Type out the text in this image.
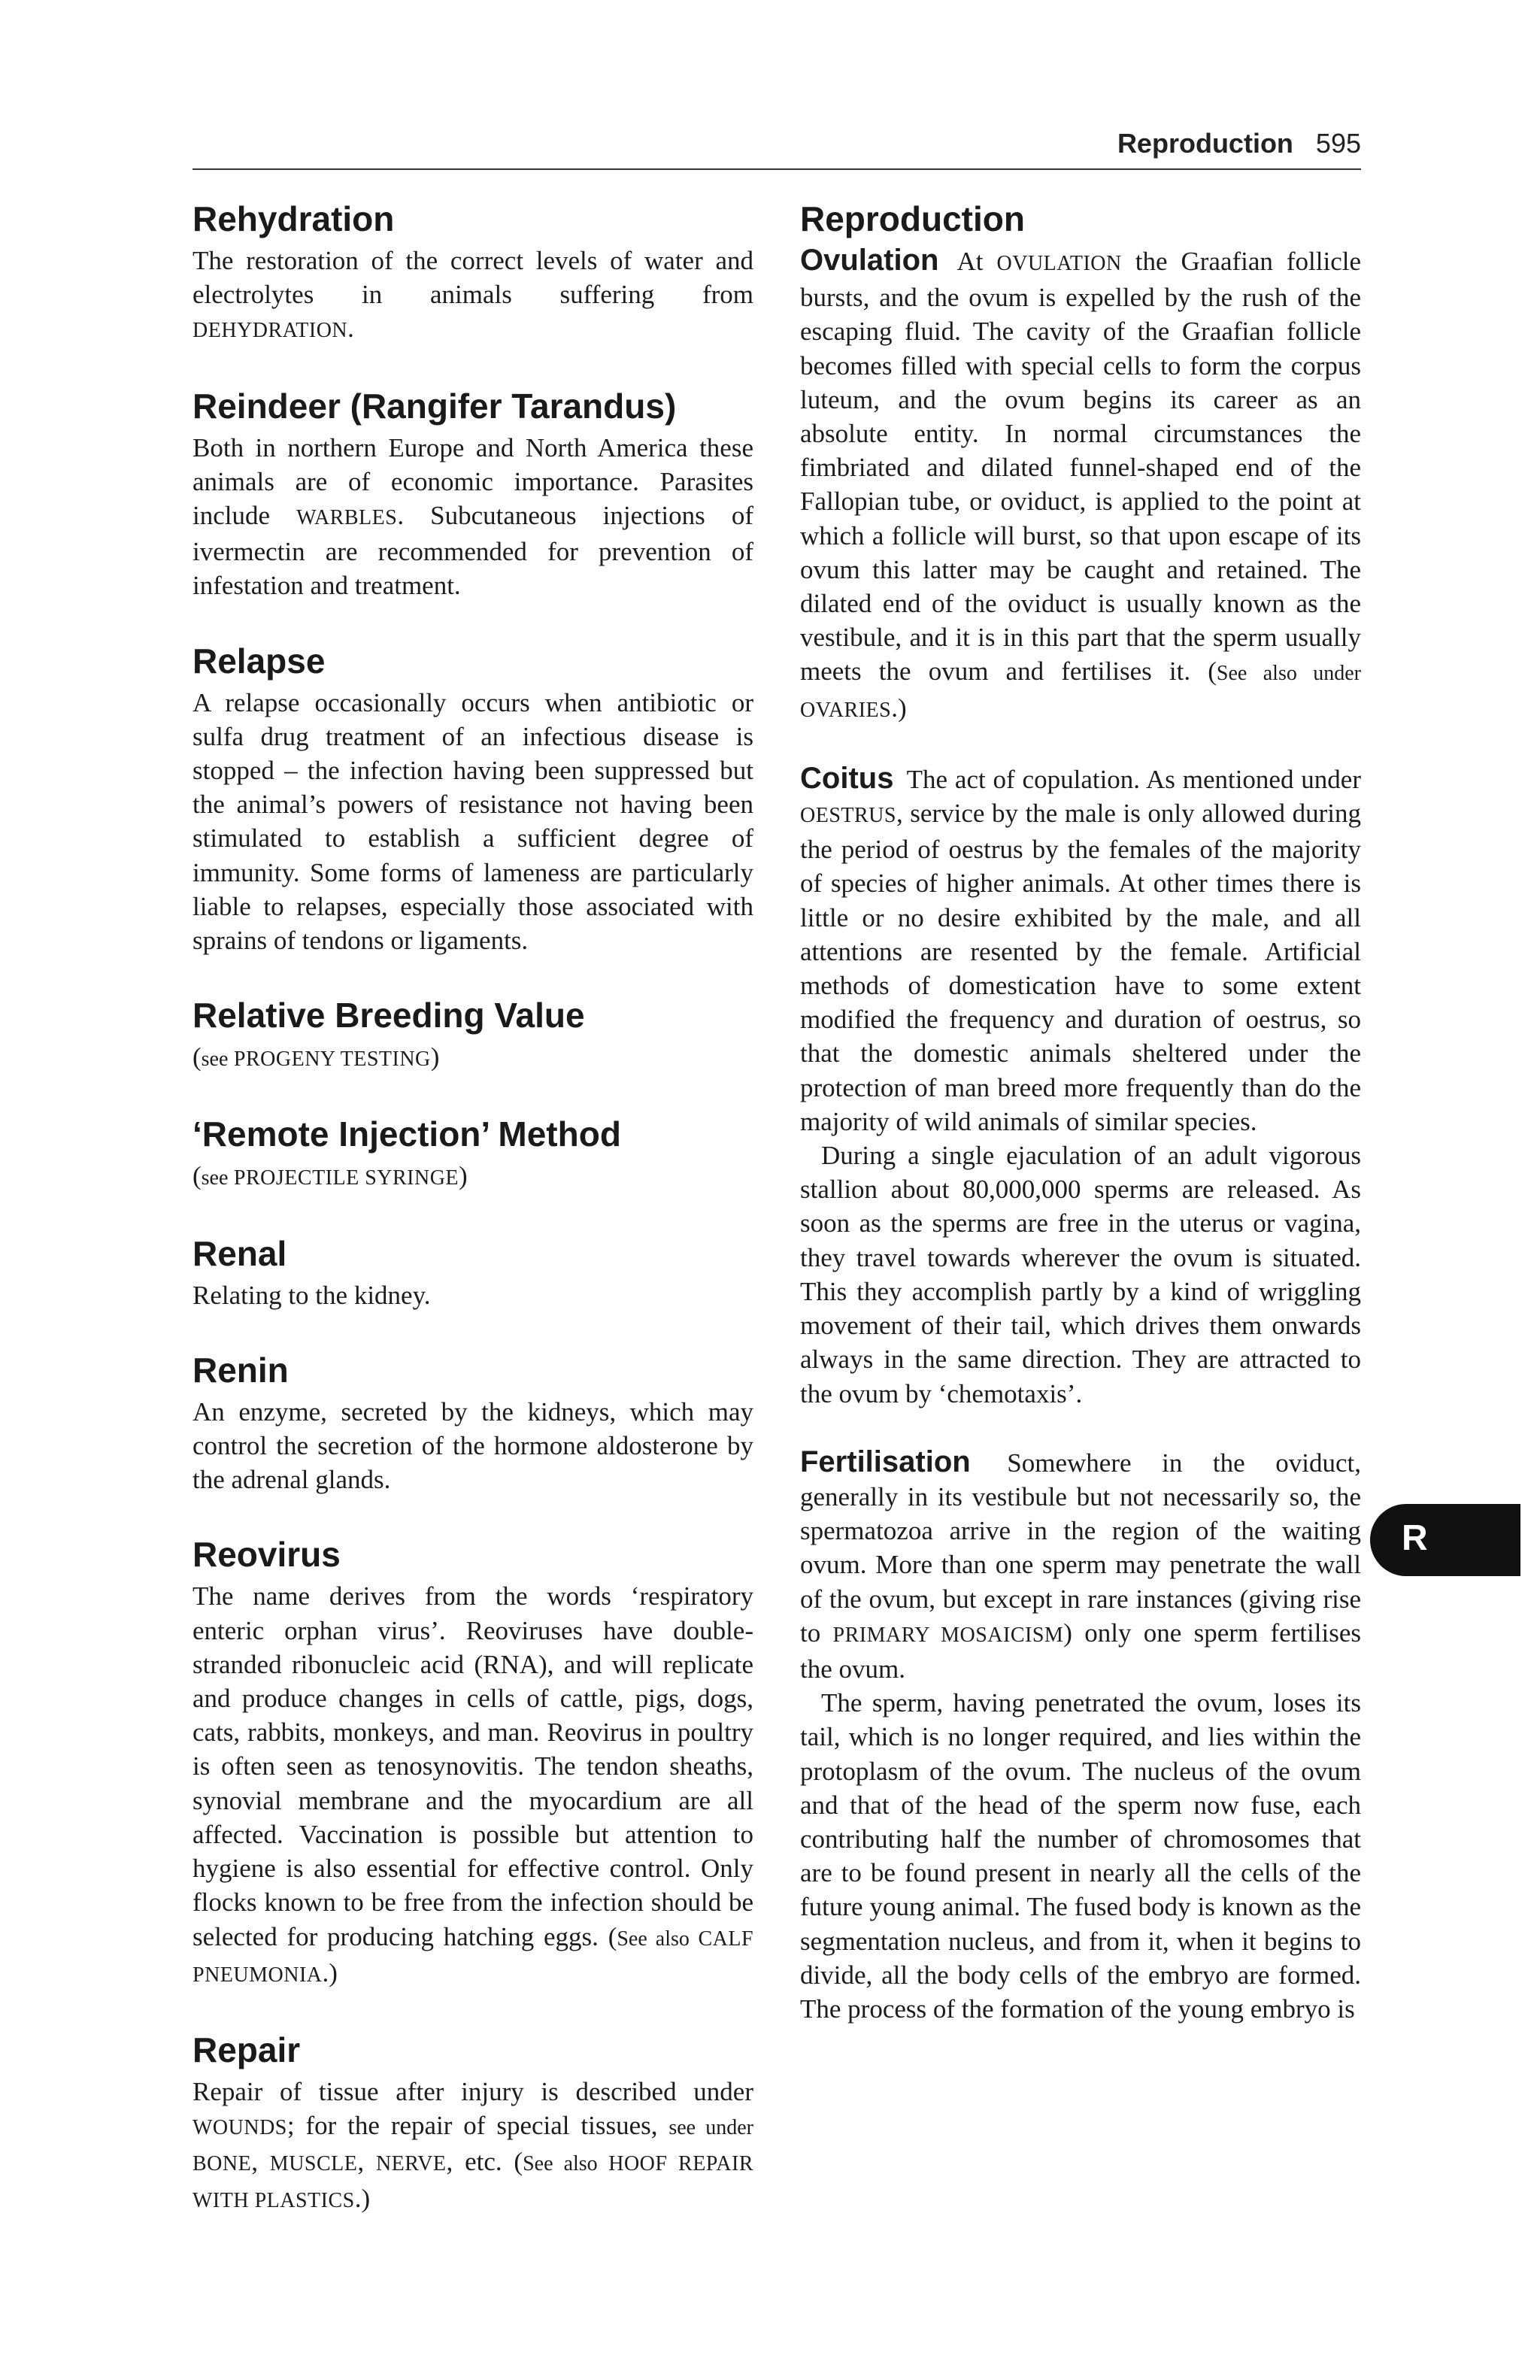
Reproduction 595
Rehydration

The restoration of the correct levels of water and electrolytes in animals suffering from DEHYDRATION.

Reindeer (Rangifer Tarandus)

Both in northern Europe and North America these animals are of economic importance. Parasites include WARBLES. Subcutaneous injections of ivermectin are recommended for prevention of infestation and treatment.

Relapse

A relapse occasionally occurs when antibiotic or sulfa drug treatment of an infectious disease is stopped – the infection having been suppressed but the animal’s powers of resistance not having been stimulated to establish a sufficient degree of immunity. Some forms of lameness are particularly liable to relapses, especially those associated with sprains of tendons or ligaments.

Relative Breeding Value

(see PROGENY TESTING)

‘Remote Injection’ Method

(see PROJECTILE SYRINGE)

Renal

Relating to the kidney.

Renin

An enzyme, secreted by the kidneys, which may control the secretion of the hormone aldosterone by the adrenal glands.

Reovirus

The name derives from the words ‘respiratory enteric orphan virus’. Reoviruses have double-stranded ribonucleic acid (RNA), and will replicate and produce changes in cells of cattle, pigs, dogs, cats, rabbits, monkeys, and man. Reovirus in poultry is often seen as tenosynovitis. The tendon sheaths, synovial membrane and the myocardium are all affected. Vaccination is possible but attention to hygiene is also essential for effective control. Only flocks known to be free from the infection should be selected for producing hatching eggs. (See also CALF PNEUMONIA.)

Repair

Repair of tissue after injury is described under WOUNDS; for the repair of special tissues, see under BONE, MUSCLE, NERVE, etc. (See also HOOF REPAIR WITH PLASTICS.)

Reproduction

Ovulation At OVULATION the Graafian follicle bursts, and the ovum is expelled by the rush of the escaping fluid. The cavity of the Graafian follicle becomes filled with special cells to form the corpus luteum, and the ovum begins its career as an absolute entity. In normal circumstances the fimbriated and dilated funnel-shaped end of the Fallopian tube, or oviduct, is applied to the point at which a follicle will burst, so that upon escape of its ovum this latter may be caught and retained. The dilated end of the oviduct is usually known as the vestibule, and it is in this part that the sperm usually meets the ovum and fertilises it. (See also under OVARIES.)

Coitus The act of copulation. As mentioned under OESTRUS, service by the male is only allowed during the period of oestrus by the females of the majority of species of higher animals. At other times there is little or no desire exhibited by the male, and all attentions are resented by the female. Artificial methods of domestication have to some extent modified the frequency and duration of oestrus, so that the domestic animals sheltered under the protection of man breed more frequently than do the majority of wild animals of similar species.

During a single ejaculation of an adult vigorous stallion about 80,000,000 sperms are released. As soon as the sperms are free in the uterus or vagina, they travel towards wherever the ovum is situated. This they accomplish partly by a kind of wriggling movement of their tail, which drives them onwards always in the same direction. They are attracted to the ovum by ‘chemotaxis’.

Fertilisation Somewhere in the oviduct, generally in its vestibule but not necessarily so, the spermatozoa arrive in the region of the waiting ovum. More than one sperm may penetrate the wall of the ovum, but except in rare instances (giving rise to PRIMARY MOSAICISM) only one sperm fertilises the ovum.

The sperm, having penetrated the ovum, loses its tail, which is no longer required, and lies within the protoplasm of the ovum. The nucleus of the ovum and that of the head of the sperm now fuse, each contributing half the number of chromosomes that are to be found present in nearly all the cells of the future young animal. The fused body is known as the segmentation nucleus, and from it, when it begins to divide, all the body cells of the embryo are formed. The process of the formation of the young embryo is

R
